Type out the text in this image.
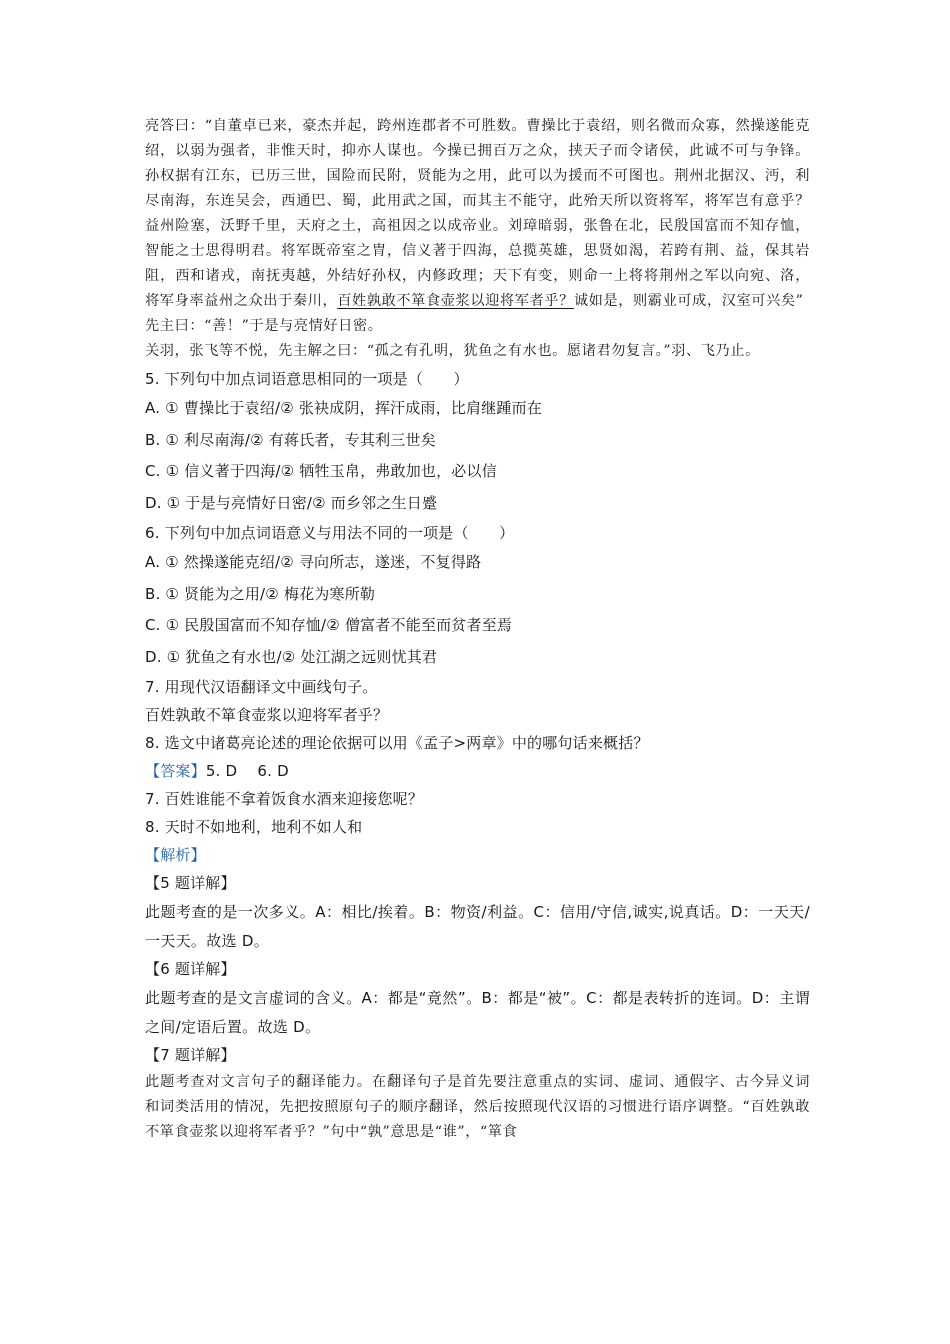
亮答曰：“自董卓已来，豪杰并起，跨州连郡者不可胜数。曹操比于袁绍，则名微而众寡，然操遂能克绍，以弱为强者，非惟天时，抑亦人谋也。今操已拥百万之众，挟天子而令诸侯，此诚不可与争锋。孙权据有江东，已历三世，国险而民附，贤能为之用，此可以为援而不可图也。荆州北据汉、沔，利尽南海，东连吴会，西通巴、蜀，此用武之国，而其主不能守，此殆天所以资将军，将军岂有意乎？益州险塞，沃野千里，天府之土，高祖因之以成帝业。刘璋暗弱，张鲁在北，民殷国富而不知存恤，智能之士思得明君。将军既帝室之胄，信义著于四海，总揽英雄，思贤如渴，若跨有荆、益，保其岩阻，西和诸戎，南抚夷越，外结好孙权，内修政理；天下有变，则命一上将将荆州之军以向宛、洛，将军身率益州之众出于秦川，百姓孰敢不箪食壶浆以迎将军者乎？诚如是，则霸业可成，汉室可兴矣”

先主曰：“善！”于是与亮情好日密。

关羽，张飞等不悦，先主解之曰：“孤之有孔明，犹鱼之有水也。愿诸君勿复言。”羽、飞乃止。

5. 下列句中加点词语意思相同的一项是（　　）

A. ① 曹操比于袁绍/② 张袂成阴，挥汗成雨，比肩继踵而在

B. ① 利尽南海/② 有蒋氏者，专其利三世矣

C. ① 信义著于四海/② 牺牲玉帛，弗敢加也，必以信

D. ① 于是与亮情好日密/② 而乡邻之生日蹙

6. 下列句中加点词语意义与用法不同的一项是（　　）

A. ① 然操遂能克绍/② 寻向所志，遂迷，不复得路

B. ① 贤能为之用/② 梅花为寒所勒

C. ① 民殷国富而不知存恤/② 僧富者不能至而贫者至焉

D. ① 犹鱼之有水也/② 处江湖之远则忧其君

7. 用现代汉语翻译文中画线句子。

百姓孰敢不箪食壶浆以迎将军者乎？

8. 选文中诸葛亮论述的理论依据可以用《孟子>两章》中的哪句话来概括？

【答案】5. D　 6. D

7. 百姓谁能不拿着饭食水酒来迎接您呢？

8. 天时不如地利，地利不如人和

【解析】

【5 题详解】

此题考查的是一次多义。A：相比/挨着。B：物资/利益。C：信用/守信,诚实,说真话。D：一天天/一天天。故选 D。

【6 题详解】

此题考查的是文言虚词的含义。A：都是“竟然”。B：都是“被”。C：都是表转折的连词。D：主谓之间/定语后置。故选 D。

【7 题详解】

此题考查对文言句子的翻译能力。在翻译句子是首先要注意重点的实词、虚词、通假字、古今异义词和词类活用的情况，先把按照原句子的顺序翻译，然后按照现代汉语的习惯进行语序调整。“百姓孰敢不箪食壶浆以迎将军者乎？”句中“孰”意思是“谁”，“箪食
